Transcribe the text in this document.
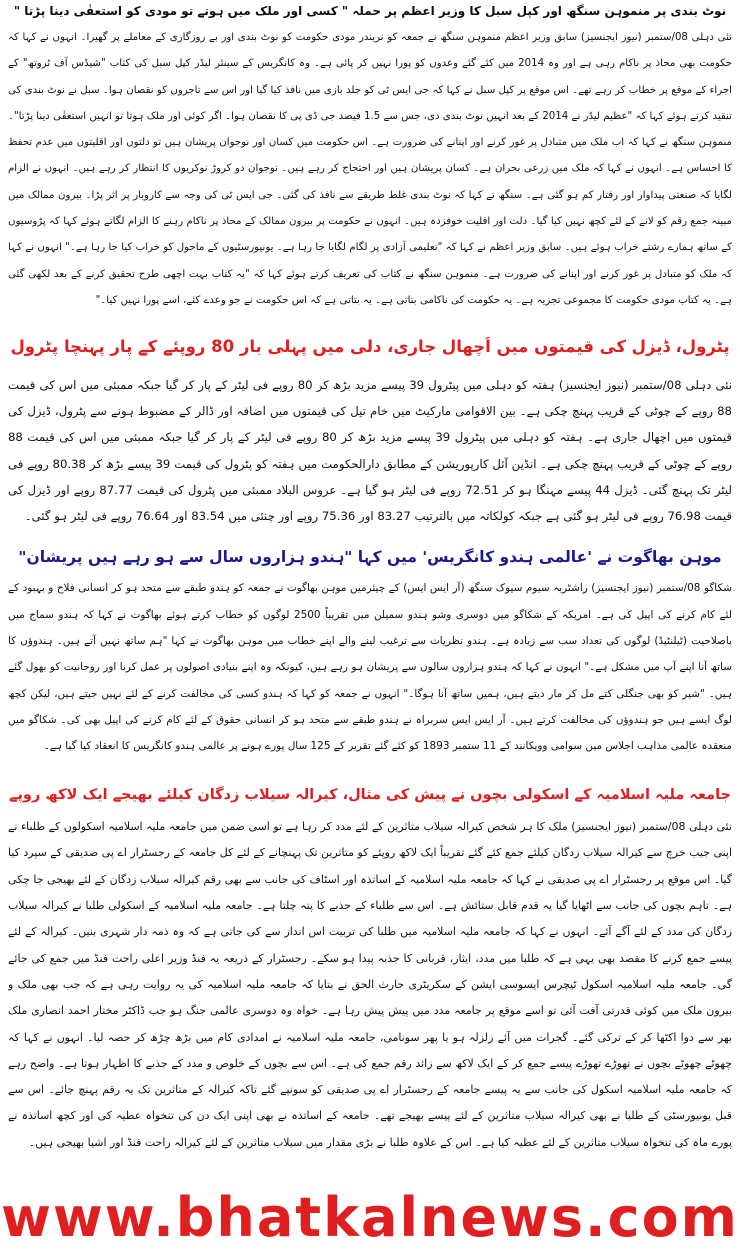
نوٹ بندی پر منموہن سنگھ اور کپل سبل کا وزیر اعظم پر حملہ " کسی اور ملک میں ہوتے تو مودی کو استعفٰی دینا پڑتا "

نئی دہلی 08/ستمبر (نیوز ایجنسیز) سابق وزیر اعظم منموہن سنگھ نے جمعہ کو نریندر مودی حکومت کو نوٹ بندی اور بے روزگاری کے معاملے پر گھیرا۔ انہوں نے کہا کہ حکومت بھی محاذ پر ناکام رہی ہے اور وہ 2014 میں کئے گئے وعدوں کو پورا نہیں کر پائی ہے۔ وہ کانگریس کے سینئر لیڈر کپل سبل کی کتاب "شیڈس آف ٹروتھ" کے اجراء کے موقع پر خطاب کر رہے تھے۔ اس موقع پر کپل سبل نے کہا کہ جی ایس ٹی کو جلد بازی میں نافذ کیا گیا اور اس سے تاجروں کو نقصان ہوا۔ سبل نے نوٹ بندی کی تنقید کرتے ہوئے کہا کہ "عظیم لیڈر نے 2014 کے بعد انہیں نوٹ بندی دی، جس سے 1.5 فیصد جی ڈی پی کا نقصان ہوا۔ اگر کوئی اور ملک ہوتا تو انہیں استعفٰی دینا پڑتا"۔ منموہن سنگھ نے کہا کہ اب ملک میں متبادل پر غور کرنے اور اپنانے کی ضرورت ہے۔ اس حکومت میں کسان اور نوجوان پریشان ہیں تو دلتوں اور اقلیتوں میں عدم تحفظ کا احساس ہے۔ انہوں نے کہا کہ ملک میں زرعی بحران ہے۔ کسان پریشان ہیں اور احتجاج کر رہے ہیں۔ نوجوان دو کروڑ نوکریوں کا انتظار کر رہے ہیں۔ انہوں نے الزام لگایا کہ صنعتی پیداوار اور رفتار کم ہو گئی ہے۔ سنگھ نے کہا کہ نوٹ بندی غلط طریقے سے نافذ کی گئی۔ جی ایس ٹی کی وجہ سے کاروبار پر اثر پڑا۔ بیرون ممالک میں مبینہ جمع رقم کو لانے کے لئے کچھ نہیں کیا گیا۔ دلت اور اقلیت خوفزدہ ہیں۔ انہوں نے حکومت پر بیرون ممالک کے محاذ پر ناکام رہنے کا الزام لگاتے ہوئے کہا کہ پڑوسیوں کے ساتھ ہمارے رشتے خراب ہوئے ہیں۔ سابق وزیر اعظم نے کہا کہ "تعلیمی آزادی پر لگام لگایا جا رہا ہے۔ یونیورسٹیوں کے ماحول کو خراب کیا جا رہا ہے۔" انہوں نے کہا کہ ملک کو متبادل پر غور کرنے اور اپنانے کی ضرورت ہے۔ منموہن سنگھ نے کتاب کی تعریف کرتے ہوئے کہا کہ "یہ کتاب بہت اچھی طرح تحقیق کرنے کے بعد لکھی گئی ہے۔ یہ کتاب مودی حکومت کا مجموعی تجزیہ ہے۔ یہ حکومت کی ناکامی بتاتی ہے۔ یہ بتاتی ہے کہ اس حکومت نے جو وعدے کئے، اسے پورا نہیں کیا۔"

پٹرول، ڈیزل کی قیمتوں میں اُچھال جاری، دلی میں پہلی بار 80 روپئے کے پار پہنچا پٹرول

نئی دہلی 08/ستمبر (نیوز ایجنسیز) ہفتہ کو دہلی میں پیٹرول 39 پیسے مزید بڑھ کر 80 روپے فی لیٹر کے پار کر گیا جبکہ ممبئی میں اس کی قیمت 88 روپے کے چوٹی کے قریب پہنچ چکی ہے۔ بین الاقوامی مارکیٹ میں خام تیل کی قیمتوں میں اضافہ اور ڈالر کے مضبوط ہونے سے پٹرول، ڈیزل کی قیمتوں میں اچھال جاری ہے۔ ہفتہ کو دہلی میں پیٹرول 39 پیسے مزید بڑھ کر 80 روپے فی لیٹر کے پار کر گیا جبکہ ممبئی میں اس کی قیمت 88 روپے کے چوٹی کے قریب پہنچ چکی ہے۔ انڈین آئل کارپوریشن کے مطابق دارالحکومت میں ہفتہ کو پٹرول کی قیمت 39 پیسے بڑھ کر 80.38 روپے فی لیٹر تک پہنچ گئی۔ ڈیزل 44 پیسے مہنگا ہو کر 72.51 روپے فی لیٹر ہو گیا ہے۔ عروس البلاد ممبئی میں پٹرول کی قیمت 87.77 روپے اور ڈیزل کی قیمت 76.98 روپے فی لیٹر ہو گئی ہے جبکہ کولکاتہ میں بالترتیب 83.27 اور 75.36 روپے اور چنئی میں 83.54 اور 76.64 روپے فی لیٹر ہو گئی۔

موہن بھاگوت نے 'عالمی ہندو کانگریس' میں کہا "ہندو ہزاروں سال سے ہو رہے ہیں پریشان"

شکاگو 08/ستمبر (نیوز ایجنسیز) راشٹریہ سیوم سیوک سنگھ (آر ایس ایس) کے چیئرمین موہن بھاگوت نے جمعہ کو ہندو طبقے سے متحد ہو کر انسانی فلاح و بہبود کے لئے کام کرنے کی اپیل کی ہے۔ امریکہ کے شکاگو میں دوسری وشو ہندو سمیلن میں تقریباً 2500 لوگوں کو خطاب کرتے ہوئے بھاگوت نے کہا کہ ہندو سماج میں باصلاحیت (ٹیلنٹیڈ) لوگوں کی تعداد سب سے زیادہ ہے۔ ہندو نظریات سے ترغیب لینے والے اپنے خطاب میں موہن بھاگوت نے کہا "ہم ساتھ نہیں آتے ہیں۔ ہندوؤں کا ساتھ آنا اپنے آپ میں مشکل ہے۔" انہوں نے کہا کہ ہندو ہزاروں سالوں سے پریشان ہو رہے ہیں، کیونکہ وہ اپنے بنیادی اصولوں پر عمل کرنا اور روحانیت کو بھول گئے ہیں۔ "شیر کو بھی جنگلی کتے مل کر مار دیتے ہیں، ہمیں ساتھ آنا ہوگا۔" انہوں نے جمعہ کو کہا کہ ہندو کسی کی مخالفت کرنے کے لئے نہیں جیتے ہیں، لیکن کچھ لوگ ایسے ہیں جو ہندوؤں کی مخالفت کرتے ہیں۔ آر ایس ایس سربراہ نے ہندو طبقے سے متحد ہو کر انسانی حقوق کے لئے کام کرنے کی اپیل بھی کی۔ شکاگو میں منعقدہ عالمی مذاہب اجلاس میں سوامی وویکانند کے 11 ستمبر 1893 کو کئے گئے تقریر کے 125 سال پورے ہونے پر عالمی ہندو کانگریس کا انعقاد کیا گیا ہے۔

جامعہ ملیہ اسلامیہ کے اسکولی بچوں نے پیش کی مثال، کیرالہ سیلاب زدگان کیلئے بھیجے ایک لاکھ روپے

نئی دہلی 08/ستمبر (نیوز ایجنسیز) ملک کا ہر شخص کیرالہ سیلاب متاثرین کے لئے مدد کر رہا ہے تو اسی ضمن میں جامعہ ملیہ اسلامیہ اسکولوں کے طلباء نے اپنی جیب خرچ سے کیرالہ سیلاب زدگان کیلئے جمع کئے گئے تقریباً ایک لاکھ روپئے کو متاثرین تک پہنچانے کے لئے کل جامعہ کے رجسٹرار اے پی صدیقی کے سپرد کیا گیا۔ اس موقع پر رجسٹرار اے پی صدیقی نے کہا کہ جامعہ ملیہ اسلامیہ کے اساتذہ اور اسٹاف کی جانب سے بھی رقم کیرالہ سیلاب زدگان کے لئے بھیجی جا چکی ہے۔ تاہم بچوں کی جانب سے اٹھایا گیا یہ قدم قابل ستائش ہے۔ اس سے طلباء کے جذبے کا پتہ چلتا ہے۔ جامعہ ملیہ اسلامیہ کے اسکولی طلبا نے کیرالہ سیلاب زدگان کی مدد کے لئے آگے آئے۔ انہوں نے کہا کہ جامعہ ملیہ اسلامیہ میں طلبا کی تربیت اس انداز سے کی جاتی ہے کہ وہ ذمہ دار شہری بنیں۔ کیرالہ کے لئے پیسے جمع کرنے کا مقصد بھی یہی ہے کہ طلبا میں مدد، ایثار، قربانی کا جذبہ پیدا ہو سکے۔ رجسٹرار کے ذریعہ یہ فنڈ وزیر اعلی راحت فنڈ میں جمع کی جائے گی۔ جامعہ ملیہ اسلامیہ اسکول ٹیچرس ایسوسی ایشن کے سکریٹری حارث الحق نے بتایا کہ جامعہ ملیہ اسلامیہ کی یہ روایت رہی ہے کہ جب بھی ملک و بیرون ملک میں کوئی قدرتی آفت آئی تو اسے موقع پر جامعہ مدد میں پیش پیش رہا ہے۔ خواہ وہ دوسری عالمی جنگ ہو جب ڈاکٹر مختار احمد انصاری ملک بھر سے دوا اکٹھا کر کے ترکی گئے۔ گجرات میں آئے زلزلہ ہو یا پھر سونامی، جامعہ ملیہ اسلامیہ نے امدادی کام میں بڑھ چڑھ کر حصہ لیا۔ انہوں نے کہا کہ چھوٹے چھوٹے بچوں نے تھوڑے تھوڑے پیسے جمع کر کے ایک لاکھ سے زائد رقم جمع کی ہے۔ اس سے بچوں کے خلوص و مدد کے جذبے کا اظہار ہوتا ہے۔ واضح رہے کہ جامعہ ملیہ اسلامیہ اسکول کی جانب سے یہ پیسے جامعہ کے رجسٹرار اے پی صدیقی کو سونپے گئے تاکہ کیرالہ کے متاثرین تک یہ رقم پہنچ جائے۔ اس سے قبل یونیورسٹی کے طلبا نے بھی کیرالہ سیلاب متاثرین کے لئے پیسے بھیجے تھے۔ جامعہ کے اساتذہ نے بھی اپنی ایک دن کی تنخواہ عطیہ کی اور کچھ اساتذہ نے پورے ماہ کی تنخواہ سیلاب متاثرین کے لئے عطیہ کیا ہے۔ اس کے علاوہ طلبا نے بڑی مقدار میں سیلاب متاثرین کے لئے کیرالہ راحت فنڈ اور اشیا بھیجی ہیں۔

www.bhatkalnews.com
